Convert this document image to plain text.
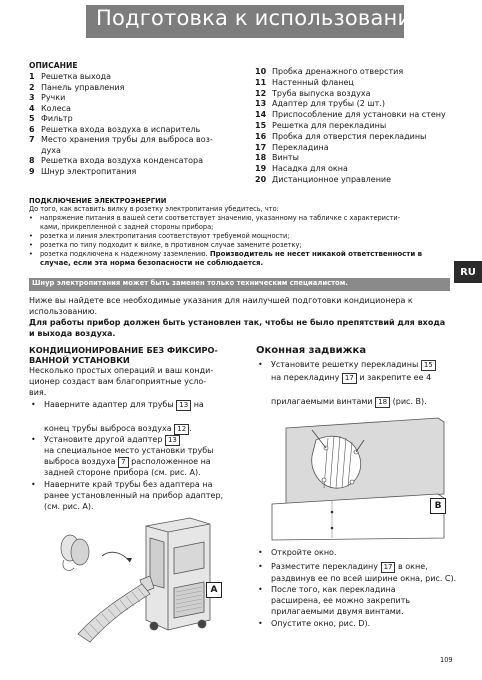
Подготовка к использованию
RU
ОПИСАНИЕ
1 Решетка выхода
2 Панель управления
3 Ручки
4 Колеса
5 Фильтр
6 Решетка входа воздуха в испаритель
7 Место хранения трубы для выброса воз-
духа
8 Решетка входа воздуха конденсатора
9 Шнур электропитания
10 Пробка дренажного отверстия
11 Настенный фланец
12 Труба выпуска воздуха
13 Адаптер для трубы (2 шт.)
14 Приспособление для установки на стену
15 Решетка для перекладины
16 Пробка для отверстия перекладины
17 Перекладина
18 Винты
19 Насадка для окна
20 Дистанционное управление
ПОДКЛЮЧЕНИЕ ЭЛЕКТРОЭНЕРГИИ
До того, как вставить вилку в розетку электропитания убедитесь, что:
• напряжение питания в вашей сети соответствует значению, указанному на табличке с характеристи-
ками, прикрепленной с задней стороны прибора;
• розетка и линия электропитания соответствуют требуемой мощности;
• розетка по типу подходит к вилке, в противном случае замените розетку;
• розетка подключена к надежному заземлению. Производитель не несет никакой ответственности в
случае, если эта норма безопасности не соблюдается.
Шнур электропитания может быть заменен только техническим специалистом.
Ниже вы найдете все необходимые указания для наилучшей подготовки кондиционера к
использованию.
Для работы прибор должен быть установлен так, чтобы не было препятствий для входа
и выхода воздуха.
КОНДИЦИОНИРОВАНИЕ БЕЗ ФИКСИРО-
ВАННОЙ УСТАНОВКИ
Несколько простых операций и ваш конди-
ционер создаст вам благоприятные усло-
вия.
• Наверните адаптер для трубы 13 на
конец трубы выброса воздуха 12 .
• Установите другой адаптер 13
на специальное место установки трубы
выброса воздуха 7 расположенное на
задней стороне прибора (см. рис. А).
• Наверните край трубы без адаптера на
ранее установленный на прибор адаптер,
(см. рис. А).
A
Оконная задвижка
• Установите решетку перекладины 15
на перекладину 17 и закрепите ее 4
прилагаемыми винтами 18 (рис. B).
B
• Откройте окно.
• Разместите перекладину 17 в окне,
раздвинув ее по всей ширине окна, рис. C).
• После того, как перекладина
расширена, ее можно закрепить
прилагаемыми двумя винтами.
• Опустите окно, рис. D).
109
